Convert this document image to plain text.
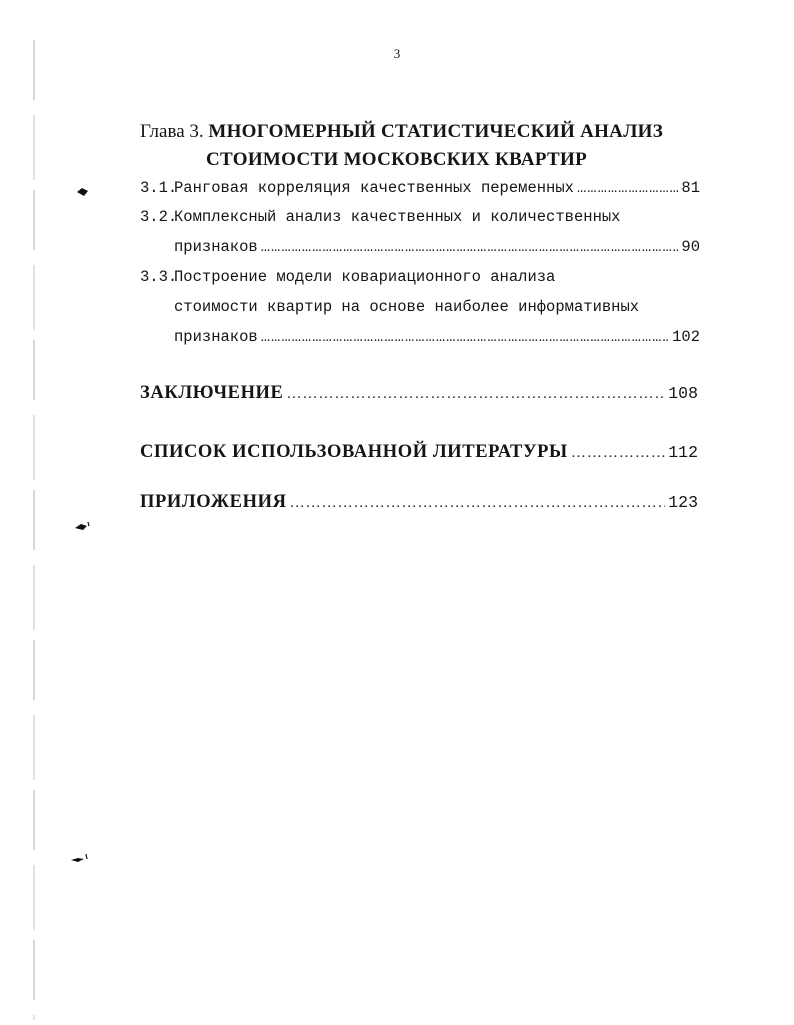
3
Глава 3. МНОГОМЕРНЫЙ СТАТИСТИЧЕСКИЙ АНАЛИЗ
СТОИМОСТИ МОСКОВСКИХ КВАРТИР
3.1.
Ранговая корреляция качественных переменных ……………………………………………………………………………………………………………………………………………………	81
3.2.
Комплексный анализ качественных и количественных
признаков ……………………………………………………………………………………………………………………………………………………	90
3.3.
Построение модели ковариационного анализа
стоимости квартир на основе наиболее информативных
признаков ……………………………………………………………………………………………………………………………………………………	102
ЗАКЛЮЧЕНИЕ ……………………………………………………………………………………………………………………………………………………	108
СПИСОК ИСПОЛЬЗОВАННОЙ ЛИТЕРАТУРЫ ……………………………………………………………………………………………………………………………………………………	112
ПРИЛОЖЕНИЯ ……………………………………………………………………………………………………………………………………………………	123
